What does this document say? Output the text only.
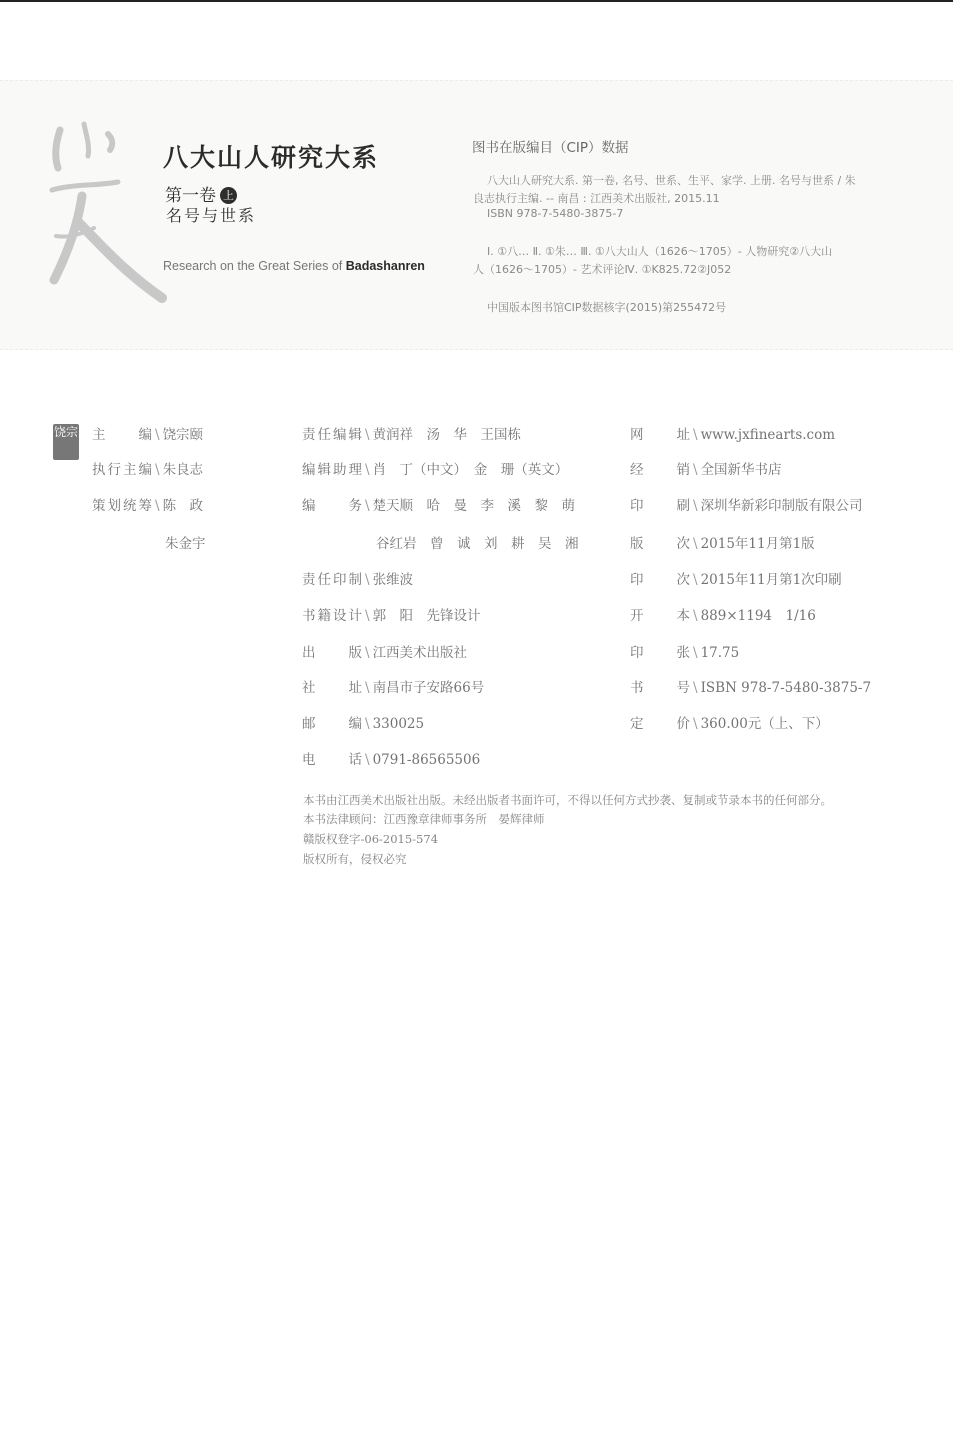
八大山人研究大系
第一卷 上
名号与世系
Research on the Great Series of Badashanren
图书在版编目（CIP）数据
八大山人研究大系. 第一卷, 名号、世系、生平、家学. 上册. 名号与世系 / 朱
良志执行主编. -- 南昌 : 江西美术出版社, 2015.11
ISBN 978-7-5480-3875-7
Ⅰ. ①八… Ⅱ. ①朱… Ⅲ. ①八大山人（1626～1705）- 人物研究②八大山
人（1626～1705）- 艺术评论Ⅳ. ①K825.72②J052
中国版本图书馆CIP数据核字(2015)第255472号
饶宗 主　编 \ 饶宗颐
执行主编 \ 朱良志
策划统筹 \ 陈　政
朱金宇
责任编辑 \ 黄润祥　汤　华　王国栋
编辑助理 \ 肖　丁（中文）　金　珊（英文）
编　务 \ 楚天顺　哈　曼　李　溪　黎　萌
谷红岩　曾　诚　刘　耕　吴　湘
责任印制 \ 张维波
书籍设计 \ 郭　阳　先锋设计
出　版 \ 江西美术出版社
社　址 \ 南昌市子安路66号
邮　编 \ 330025
电　话 \ 0791-86565506
网　址 \ www.jxfinearts.com
经　销 \ 全国新华书店
印　刷 \ 深圳华新彩印制版有限公司
版　次 \ 2015年11月第1版
印　次 \ 2015年11月第1次印刷
开　本 \ 889×1194　1/16
印　张 \ 17.75
书　号 \ ISBN 978-7-5480-3875-7
定　价 \ 360.00元（上、下）
本书由江西美术出版社出版。未经出版者书面许可，不得以任何方式抄袭、复制或节录本书的任何部分。
本书法律顾问：江西豫章律师事务所　晏辉律师
赣版权登字-06-2015-574
版权所有，侵权必究
